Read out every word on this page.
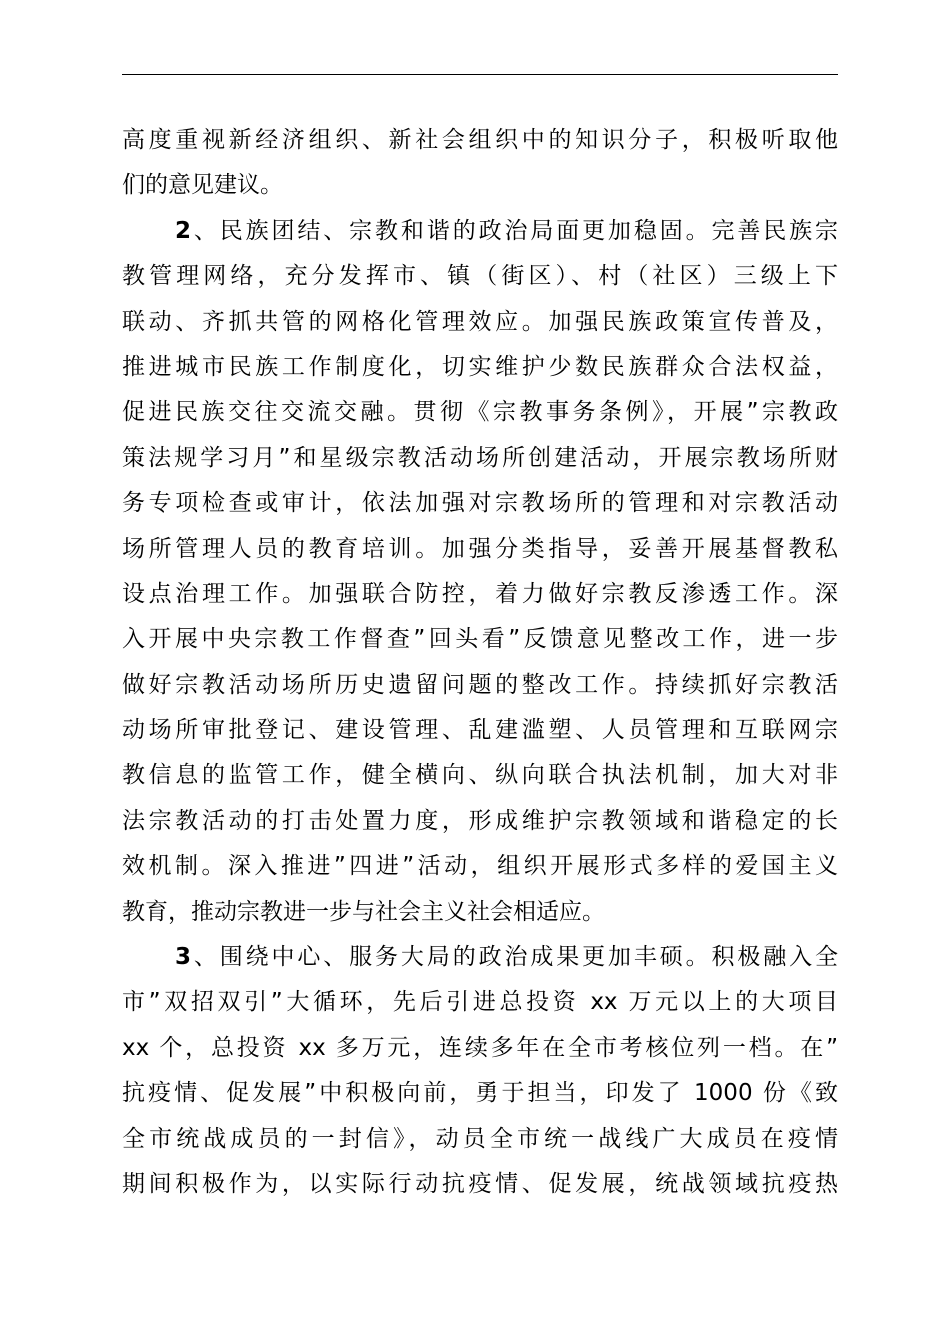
高度重视新经济组织、新社会组织中的知识分子，积极听取他
们的意见建议。
2、民族团结、宗教和谐的政治局面更加稳固。完善民族宗
教管理网络，充分发挥市、镇（街区）、村（社区）三级上下
联动、齐抓共管的网格化管理效应。加强民族政策宣传普及，
推进城市民族工作制度化，切实维护少数民族群众合法权益，
促进民族交往交流交融。贯彻《宗教事务条例》，开展”宗教政
策法规学习月”和星级宗教活动场所创建活动，开展宗教场所财
务专项检查或审计，依法加强对宗教场所的管理和对宗教活动
场所管理人员的教育培训。加强分类指导，妥善开展基督教私
设点治理工作。加强联合防控，着力做好宗教反渗透工作。深
入开展中央宗教工作督查”回头看”反馈意见整改工作，进一步
做好宗教活动场所历史遗留问题的整改工作。持续抓好宗教活
动场所审批登记、建设管理、乱建滥塑、人员管理和互联网宗
教信息的监管工作，健全横向、纵向联合执法机制，加大对非
法宗教活动的打击处置力度，形成维护宗教领域和谐稳定的长
效机制。深入推进”四进”活动，组织开展形式多样的爱国主义
教育，推动宗教进一步与社会主义社会相适应。
3、围绕中心、服务大局的政治成果更加丰硕。积极融入全
市”双招双引”大循环，先后引进总投资 xx 万元以上的大项目
xx 个，总投资 xx 多万元，连续多年在全市考核位列一档。在”
抗疫情、促发展”中积极向前，勇于担当，印发了 1000 份《致
全市统战成员的一封信》，动员全市统一战线广大成员在疫情
期间积极作为，以实际行动抗疫情、促发展，统战领域抗疫热
